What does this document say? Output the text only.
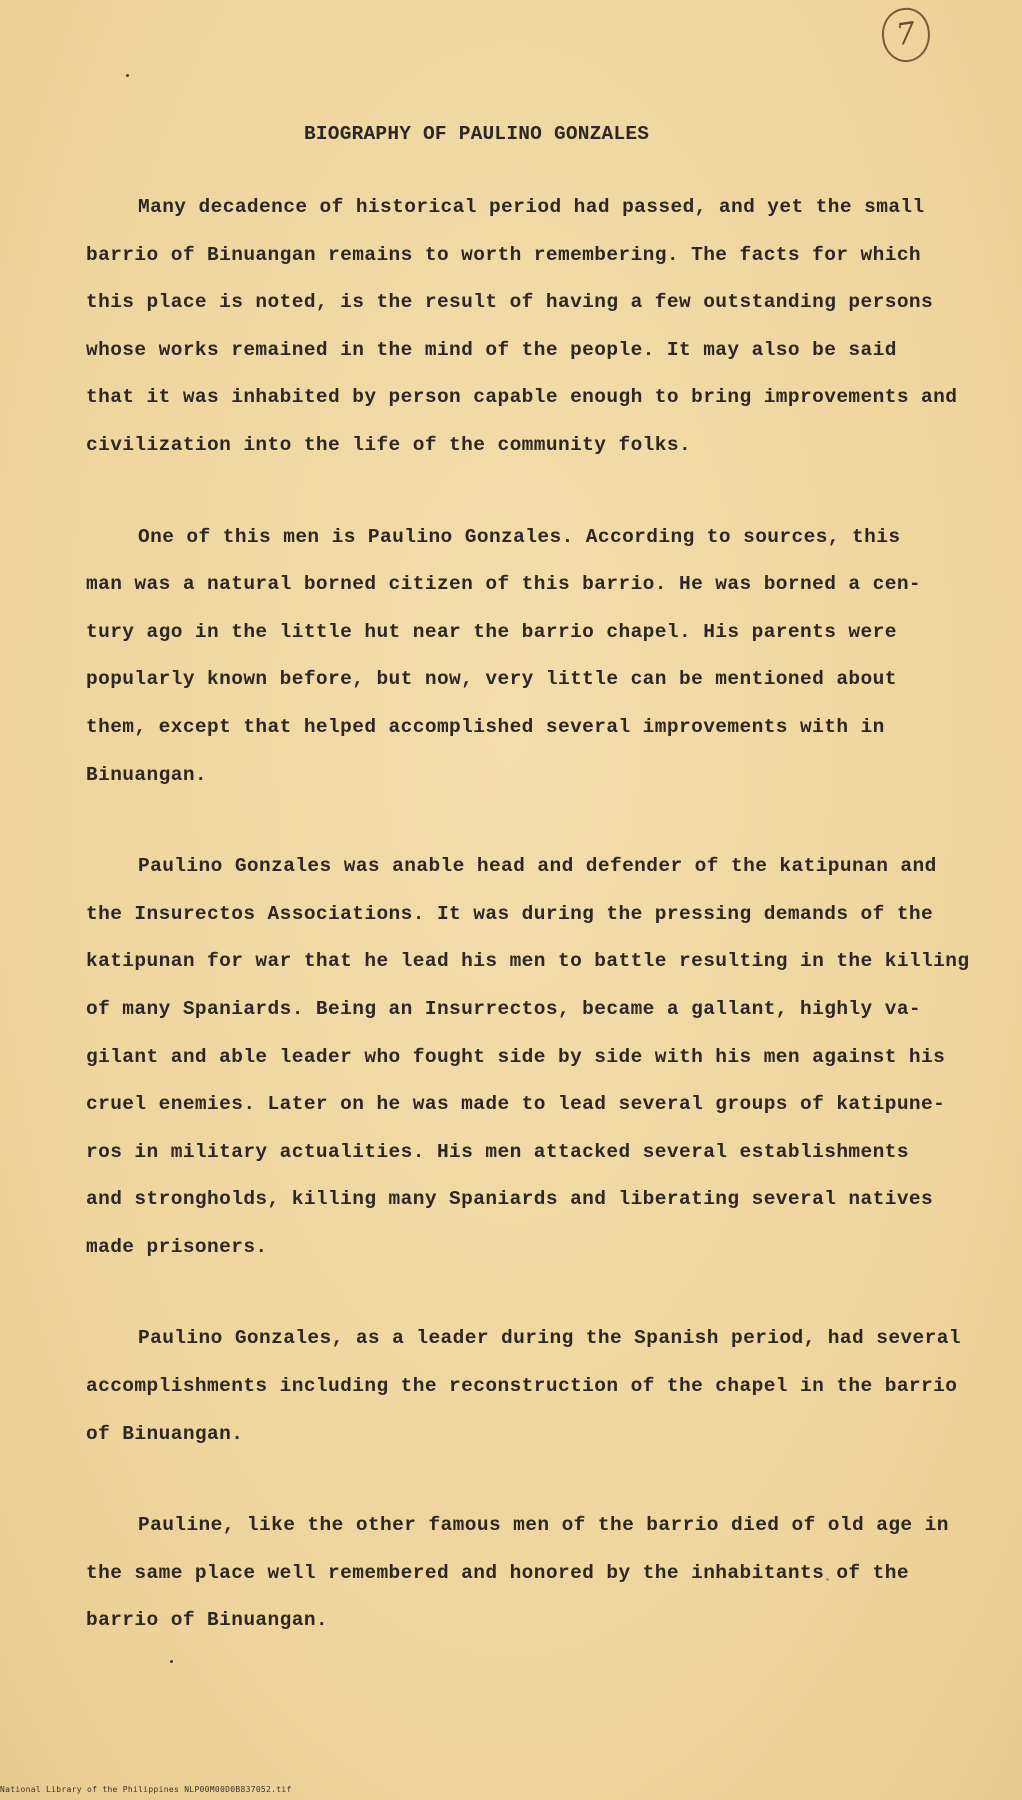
7
BIOGRAPHY OF PAULINO GONZALES

Many decadence of historical period had passed, and yet the small

barrio of Binuangan remains to worth remembering. The facts for which

this place is noted, is the result of having a few outstanding persons

whose works remained in the mind of the people. It may also be said

that it was inhabited by person capable enough to bring improvements and

civilization into the life of the community folks.

One of this men is Paulino Gonzales. According to sources, this

man was a natural borned citizen of this barrio. He was borned a cen-

tury ago in the little hut near the barrio chapel. His parents were

popularly known before, but now, very little can be mentioned about

them, except that helped accomplished several improvements with in

Binuangan.

Paulino Gonzales was anable head and defender of the katipunan and

the Insurectos Associations. It was during the pressing demands of the

katipunan for war that he lead his men to battle resulting in the killing

of many Spaniards. Being an Insurrectos, became a gallant, highly va-

gilant and able leader who fought side by side with his men against his

cruel enemies. Later on he was made to lead several groups of katipune-

ros in military actualities. His men attacked several establishments

and strongholds, killing many Spaniards and liberating several natives

made prisoners.

Paulino Gonzales, as a leader during the Spanish period, had several

accomplishments including the reconstruction of the chapel in the barrio

of Binuangan.

Pauline, like the other famous men of the barrio died of old age in

the same place well remembered and honored by the inhabitants of the

barrio of Binuangan.

National Library of the Philippines NLP00M00D0B837052.tif
